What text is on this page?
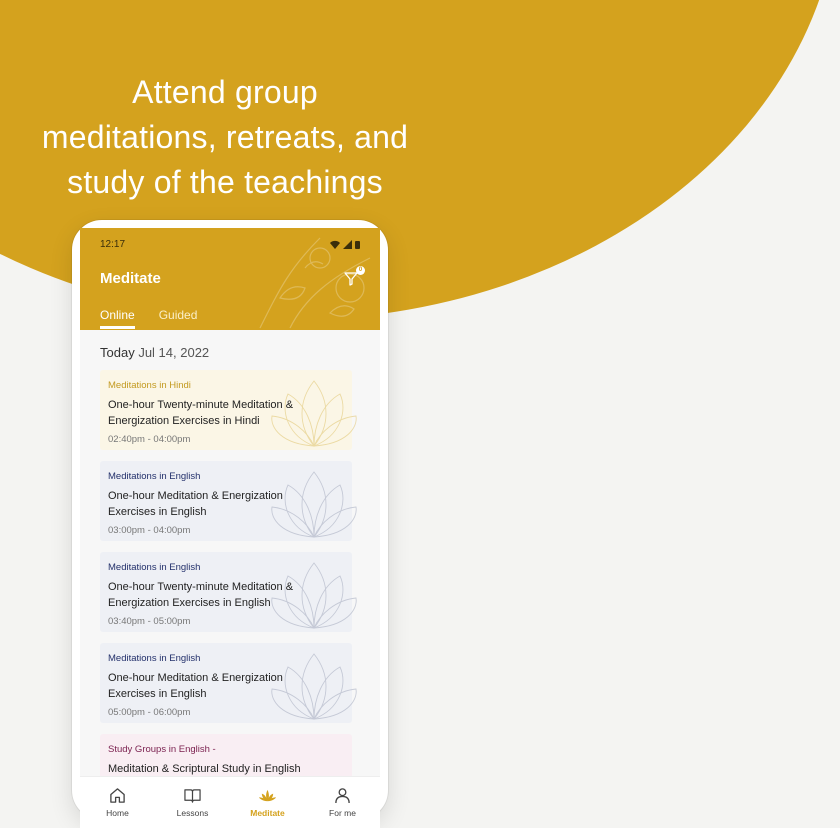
Attend group
meditations, retreats, and
study of the teachings
12:17
Meditate	0
Online Guided
Today Jul 14, 2022
Meditations in Hindi
One-hour Twenty-minute Meditation & Energization Exercises in Hindi
02:40pm - 04:00pm
Meditations in English
One-hour Meditation & Energization Exercises in English
03:00pm - 04:00pm
Meditations in English
One-hour Twenty-minute Meditation & Energization Exercises in English
03:40pm - 05:00pm
Meditations in English
One-hour Meditation & Energization Exercises in English
05:00pm - 06:00pm
Study Groups in English -
Meditation & Scriptural Study in English
Home	Lessons	Meditate	For me
